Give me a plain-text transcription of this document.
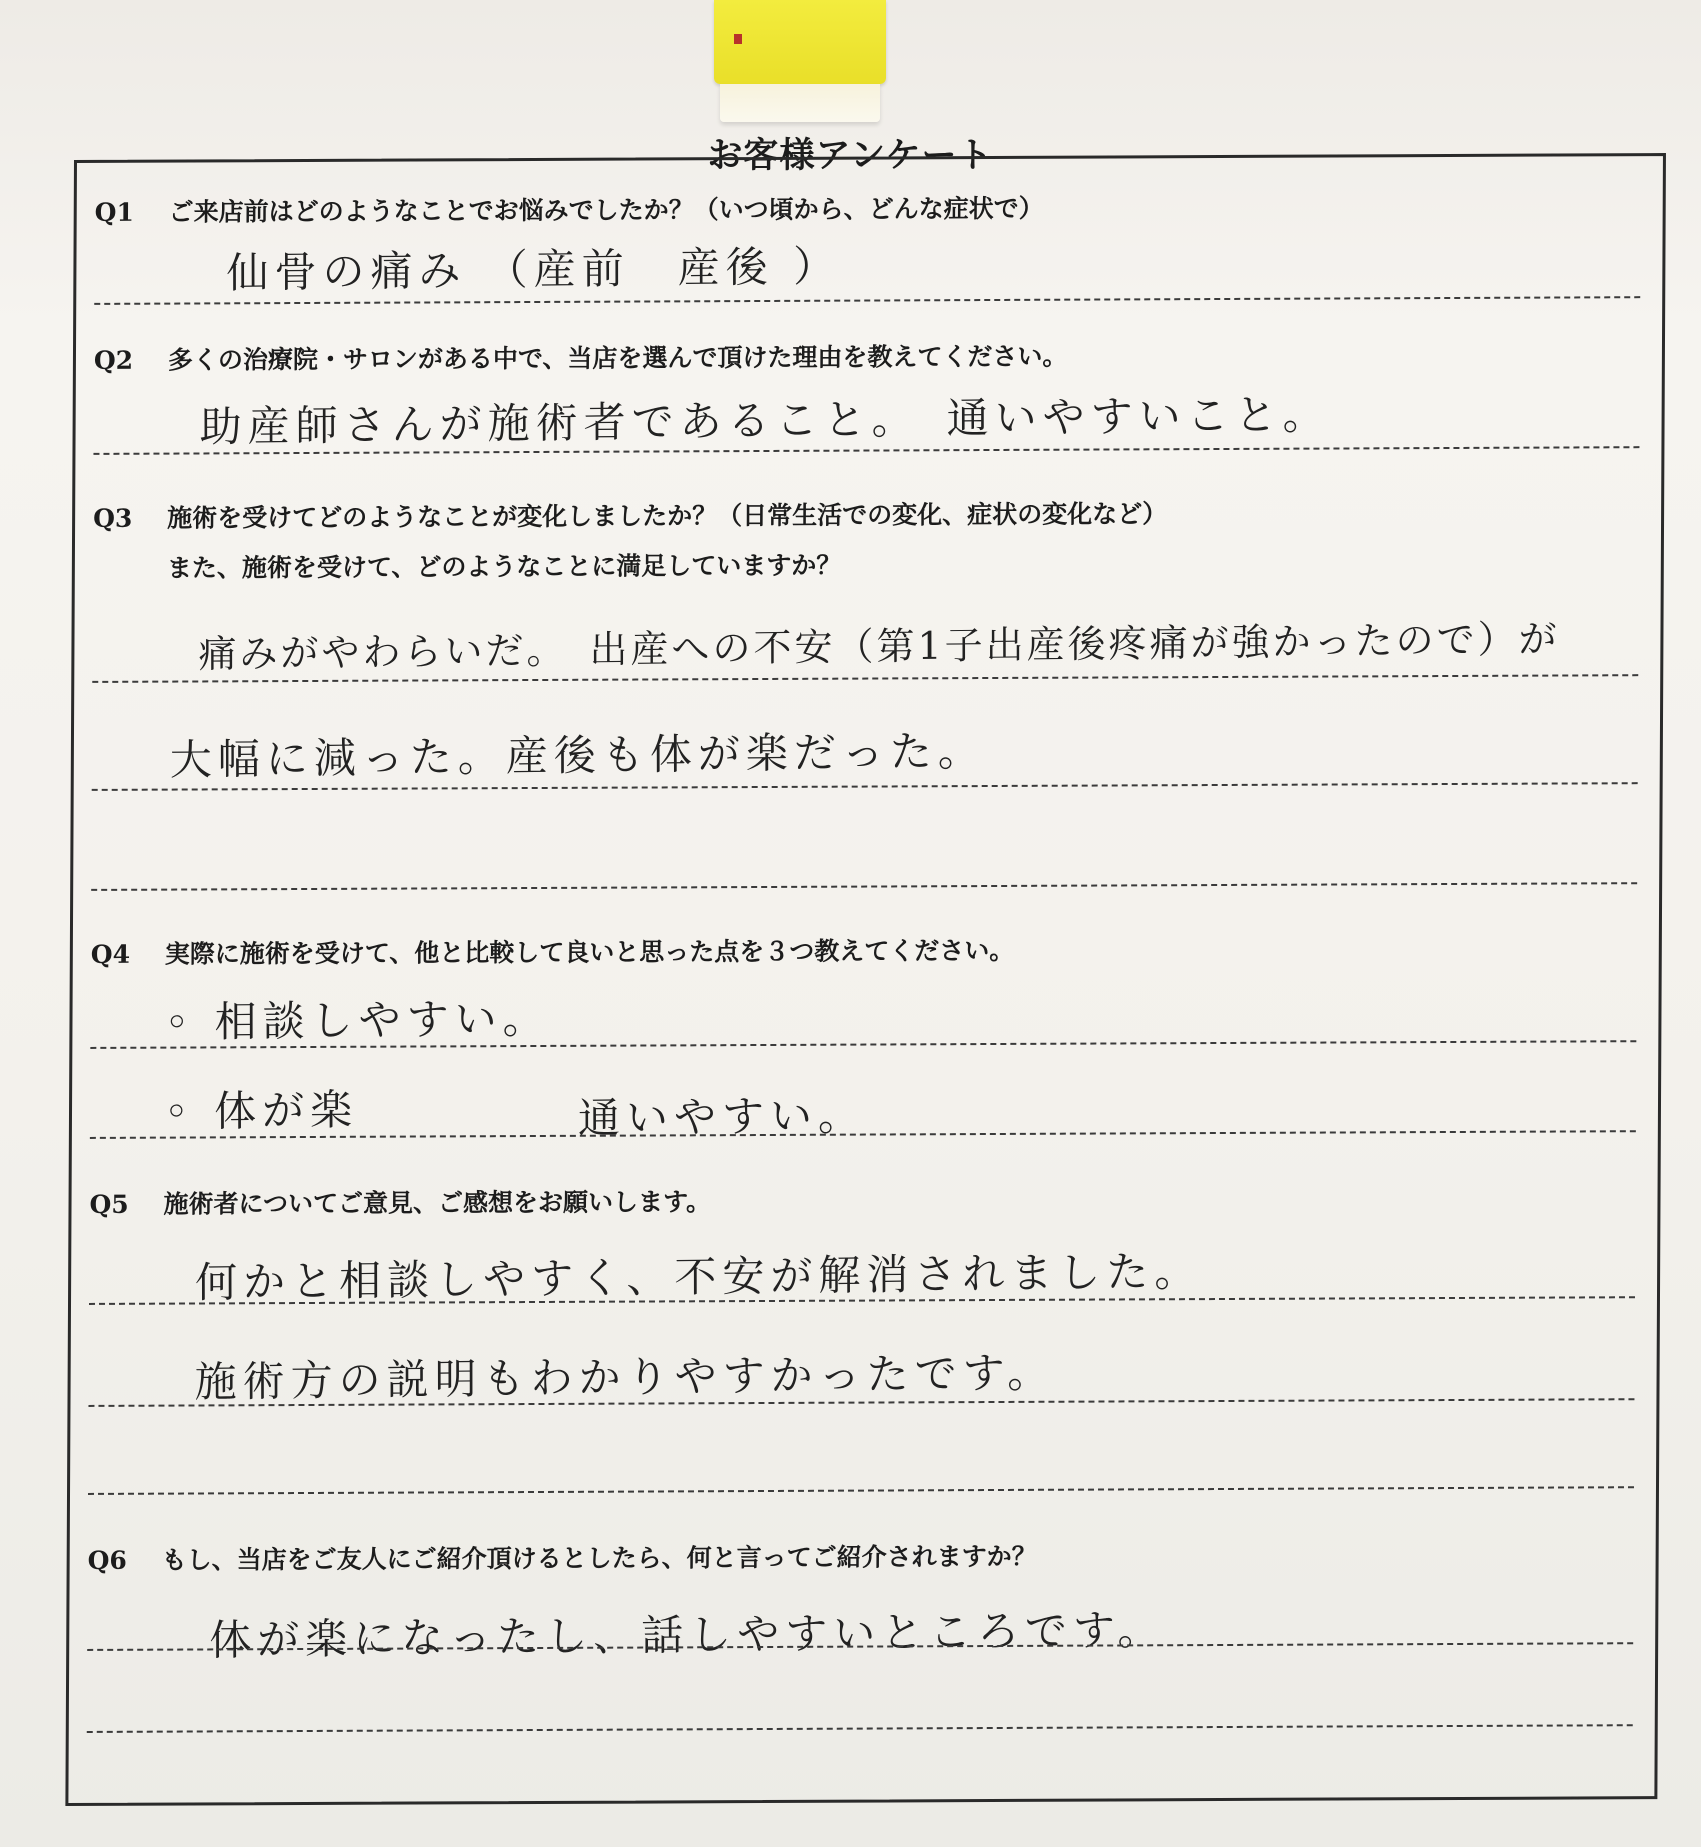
お客様アンケート
Q1 ご来店前はどのようなことでお悩みでしたか？（いつ頃から、どんな症状で）
仙骨の痛み （産前　産後 ）
Q2 多くの治療院・サロンがある中で、当店を選んで頂けた理由を教えてください。
助産師さんが施術者であること。　通いやすいこと。
Q3 施術を受けてどのようなことが変化しましたか？（日常生活での変化、症状の変化など）
また、施術を受けて、どのようなことに満足していますか？
痛みがやわらいだ。　出産への不安（第1子出産後疼痛が強かったので）が
大幅に減った。産後も体が楽だった。
Q4 実際に施術を受けて、他と比較して良いと思った点を３つ教えてください。
◦ 相談しやすい。
◦ 体が楽	通いやすい。
Q5 施術者についてご意見、ご感想をお願いします。
何かと相談しやすく、不安が解消されました。
施術方の説明もわかりやすかったです。
Q6 もし、当店をご友人にご紹介頂けるとしたら、何と言ってご紹介されますか？
体が楽になったし、話しやすいところです。
